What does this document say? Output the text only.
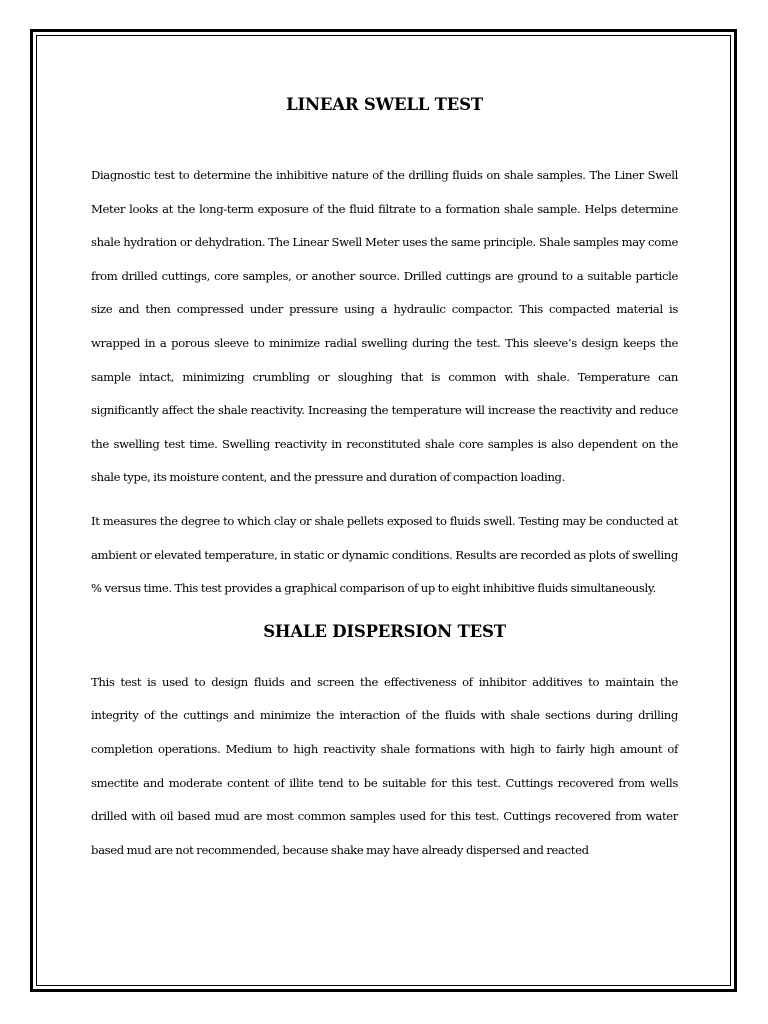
LINEAR SWELL TEST

Diagnostic test to determine the inhibitive nature of the drilling fluids on shale samples. The Liner Swell Meter looks at the long-term exposure of the fluid filtrate to a formation shale sample. Helps determine shale hydration or dehydration. The Linear Swell Meter uses the same principle. Shale samples may come from drilled cuttings, core samples, or another source. Drilled cuttings are ground to a suitable particle size and then compressed under pressure using a hydraulic compactor. This compacted material is wrapped in a porous sleeve to minimize radial swelling during the test. This sleeve’s design keeps the sample intact, minimizing crumbling or sloughing that is common with shale. Temperature can significantly affect the shale reactivity. Increasing the temperature will increase the reactivity and reduce the swelling test time. Swelling reactivity in reconstituted shale core samples is also dependent on the shale type, its moisture content, and the pressure and duration of compaction loading.

It measures the degree to which clay or shale pellets exposed to fluids swell. Testing may be conducted at ambient or elevated temperature, in static or dynamic conditions. Results are recorded as plots of swelling % versus time. This test provides a graphical comparison of up to eight inhibitive fluids simultaneously.

SHALE DISPERSION TEST

This test is used to design fluids and screen the effectiveness of inhibitor additives to maintain the integrity of the cuttings and minimize the interaction of the fluids with shale sections during drilling completion operations. Medium to high reactivity shale formations with high to fairly high amount of smectite and moderate content of illite tend to be suitable for this test. Cuttings recovered from wells drilled with oil based mud are most common samples used for this test. Cuttings recovered from water based mud are not recommended, because shake may have already dispersed and reacted
